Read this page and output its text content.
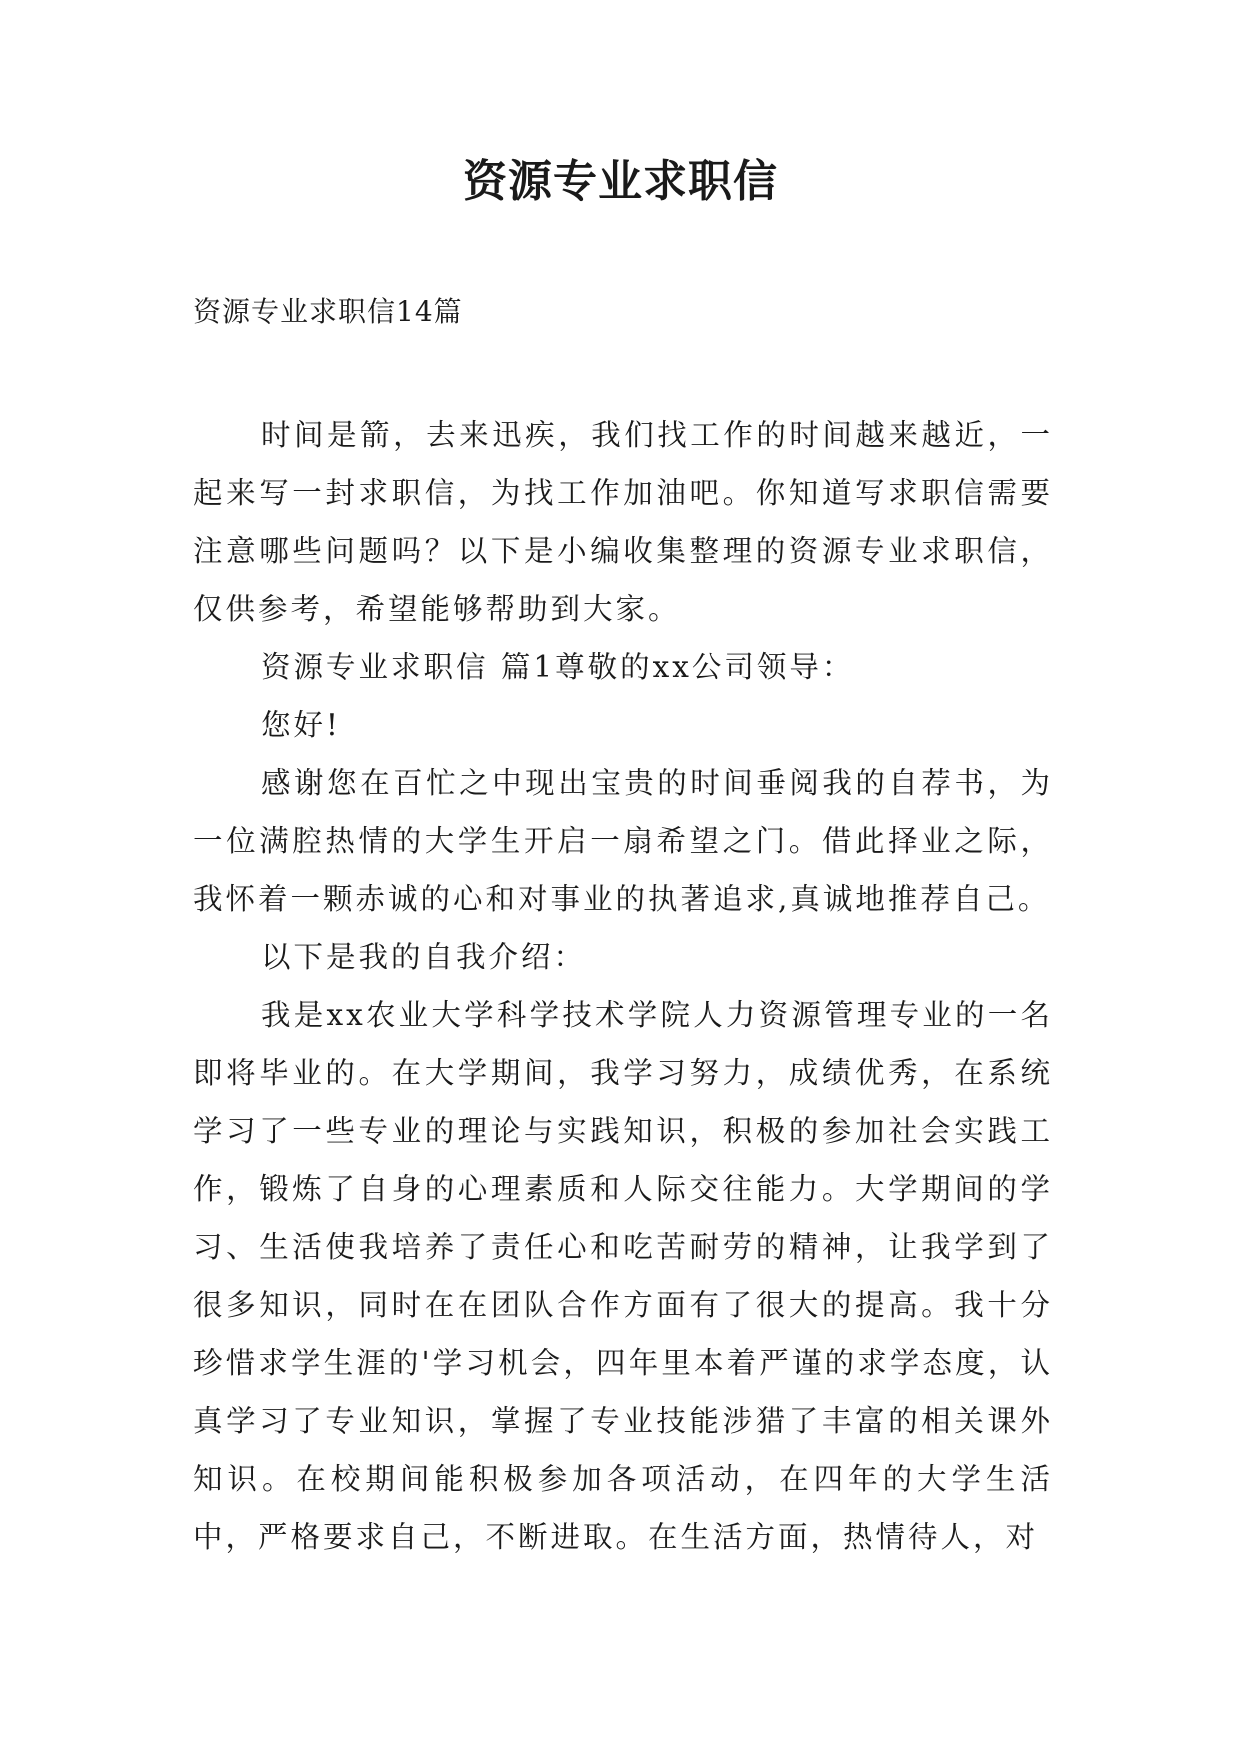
资源专业求职信

资源专业求职信14篇

时间是箭，去来迅疾，我们找工作的时间越来越近，一起来写一封求职信，为找工作加油吧。你知道写求职信需要注意哪些问题吗？以下是小编收集整理的资源专业求职信，仅供参考，希望能够帮助到大家。

资源专业求职信 篇1尊敬的xx公司领导：

您好!

感谢您在百忙之中现出宝贵的时间垂阅我的自荐书，为一位满腔热情的大学生开启一扇希望之门。借此择业之际，我怀着一颗赤诚的心和对事业的执著追求,真诚地推荐自己。

以下是我的自我介绍：

我是xx农业大学科学技术学院人力资源管理专业的一名即将毕业的。在大学期间，我学习努力，成绩优秀，在系统学习了一些专业的理论与实践知识，积极的参加社会实践工作，锻炼了自身的心理素质和人际交往能力。大学期间的学习、生活使我培养了责任心和吃苦耐劳的精神，让我学到了很多知识，同时在在团队合作方面有了很大的提高。我十分珍惜求学生涯的'学习机会，四年里本着严谨的求学态度，认真学习了专业知识，掌握了专业技能涉猎了丰富的相关课外知识。在校期间能积极参加各项活动，在四年的大学生活中，严格要求自己，不断进取。在生活方面，热情待人，对
